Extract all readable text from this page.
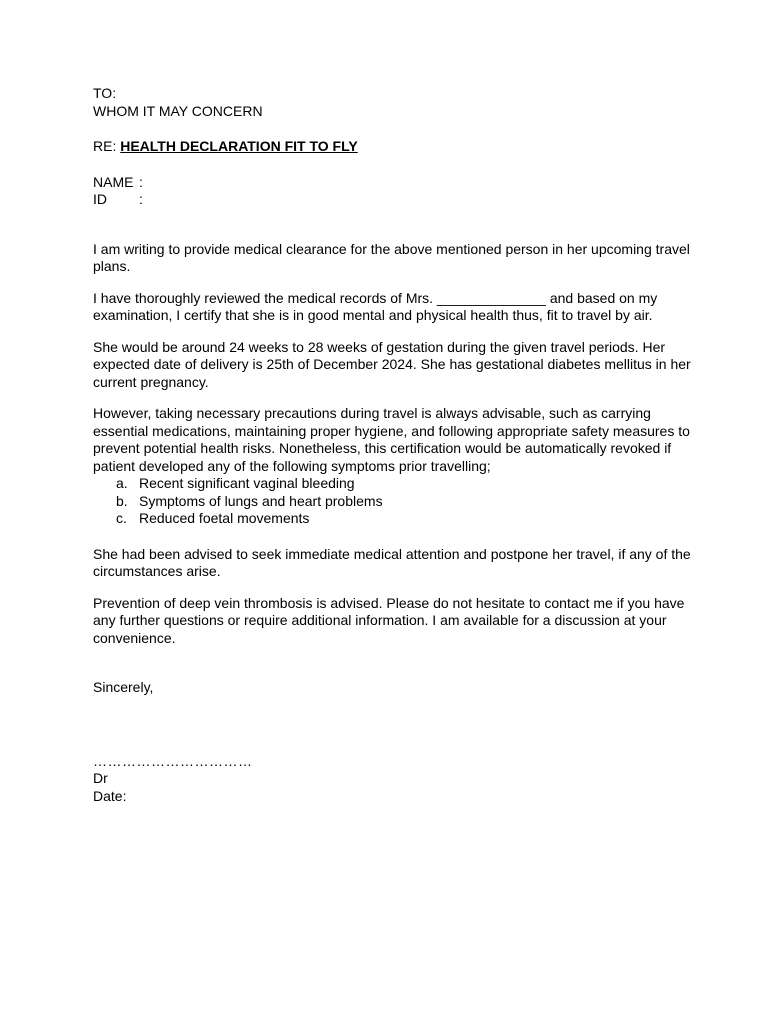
TO:
WHOM IT MAY CONCERN
RE: HEALTH DECLARATION FIT TO FLY
NAME :
ID	:

I am writing to provide medical clearance for the above mentioned person in her upcoming travel plans.

I have thoroughly reviewed the medical records of Mrs. ______________ and based on my examination, I certify that she is in good mental and physical health thus, fit to travel by air.

She would be around 24 weeks to 28 weeks of gestation during the given travel periods. Her expected date of delivery is 25th of December 2024. She has gestational diabetes mellitus in her current pregnancy.

However, taking necessary precautions during travel is always advisable, such as carrying essential medications, maintaining proper hygiene, and following appropriate safety measures to prevent potential health risks. Nonetheless, this certification would be automatically revoked if patient developed any of the following symptoms prior travelling;

a. Recent significant vaginal bleeding
b. Symptoms of lungs and heart problems
c. Reduced foetal movements

She had been advised to seek immediate medical attention and postpone her travel, if any of the circumstances arise.

Prevention of deep vein thrombosis is advised. Please do not hesitate to contact me if you have any further questions or require additional information. I am available for a discussion at your convenience.

Sincerely,
……………………………
Dr
Date:
